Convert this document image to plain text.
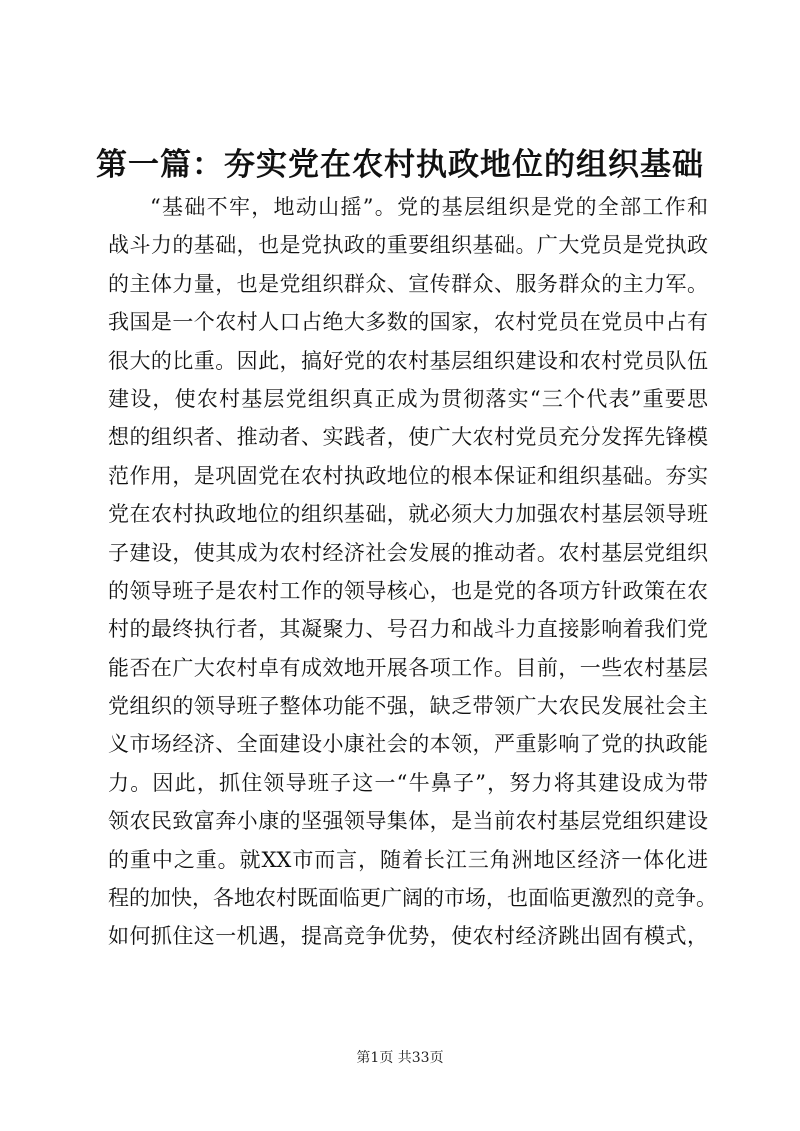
第一篇：夯实党在农村执政地位的组织基础
“基础不牢，地动山摇”。党的基层组织是党的全部工作和
战斗力的基础，也是党执政的重要组织基础。广大党员是党执政
的主体力量，也是党组织群众、宣传群众、服务群众的主力军。
我国是一个农村人口占绝大多数的国家，农村党员在党员中占有
很大的比重。因此，搞好党的农村基层组织建设和农村党员队伍
建设，使农村基层党组织真正成为贯彻落实“三个代表”重要思
想的组织者、推动者、实践者，使广大农村党员充分发挥先锋模
范作用，是巩固党在农村执政地位的根本保证和组织基础。夯实
党在农村执政地位的组织基础，就必须大力加强农村基层领导班
子建设，使其成为农村经济社会发展的推动者。农村基层党组织
的领导班子是农村工作的领导核心，也是党的各项方针政策在农
村的最终执行者，其凝聚力、号召力和战斗力直接影响着我们党
能否在广大农村卓有成效地开展各项工作。目前，一些农村基层
党组织的领导班子整体功能不强，缺乏带领广大农民发展社会主
义市场经济、全面建设小康社会的本领，严重影响了党的执政能
力。因此，抓住领导班子这一“牛鼻子”，努力将其建设成为带
领农民致富奔小康的坚强领导集体，是当前农村基层党组织建设
的重中之重。就XX市而言，随着长江三角洲地区经济一体化进
程的加快，各地农村既面临更广阔的市场，也面临更激烈的竞争。
如何抓住这一机遇，提高竞争优势，使农村经济跳出固有模式，
第1页 共33页
